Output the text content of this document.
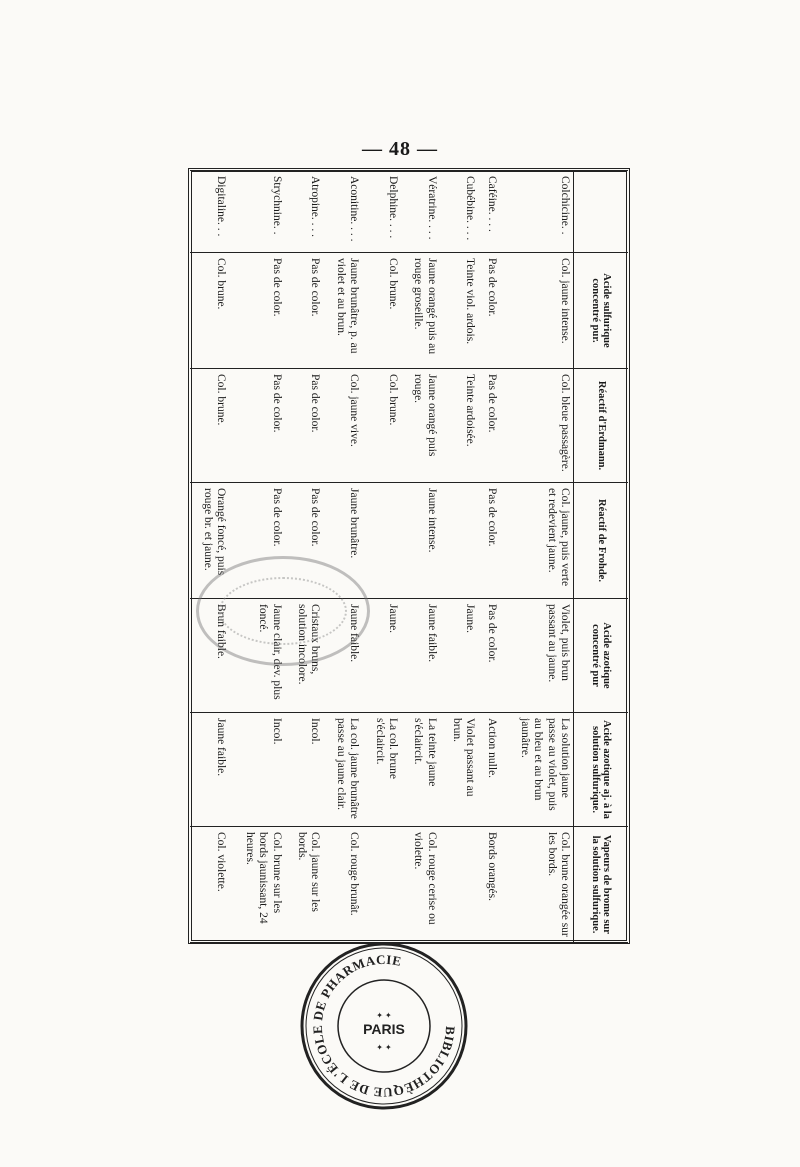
— 48 —
	Acide sulfurique concentré pur.	Réactif d'Erdmann.	Réactif de Frohde.	Acide azotique concentré pur	Acide azotique aj. à la solution sulfurique.	Vapeurs de brome sur la solution sulfurique.
Colchicine. .	Col. jaune intense.	Col. bleue passagère.	Col. jaune, puis verte et redevient jaune.	Violet, puis brun passant au jaune.	La solution jaune passe au violet, puis au bleu et au brun jaunâtre.	Col. brune orangée sur les bords.
Caféine. . . .	Pas de color.	Pas de color.	Pas de color.	Pas de color.	Action nulle.	Bords orangés.
Cubébine. . . .	Teinte viol. ardois.	Teinte ardoisée.		Jaune.	Violet passant au brun.	
Vératrine. . . .	Jaune orangé puis au rouge groseille.	Jaune orangé puis rouge.	Jaune intense.	Jaune faible.	La teinte jaune s'éclaircit.	Col. rouge cerise ou violette.
Delphine. . . .	Col. brune.	Col. brune.		Jaune.	La col. brune s'éclaircit.	
Aconitine. . . .	Jaune brunâtre, p. au violet et au brun.	Col. jaune vive.	Jaune brunâtre.	Jaune faible.	La col. jaune brunâtre passe au jaune clair.	Col. rouge brunât.
Atropine. . . .	Pas de color.	Pas de color.	Pas de color.	Cristaux bruns, solution incolore.	Incol.	Col. jaune sur les bords.
Strychnine. .	Pas de color.	Pas de color.	Pas de color.	Jaune clair, dev. plus foncé.	Incol.	Col. brune sur les bords jaunissant, 24 heures.
Digitaline. . .	Col. brune.	Col. brune.	Orangé foncé, puis rouge br. et jaune.	Brun faible.	Jaune faible.	Col. violette.
BIBLIOTHÈQUE DE L'ÉCOLE DE PHARMACIE
✦ ✦
PARIS
✦ ✦
